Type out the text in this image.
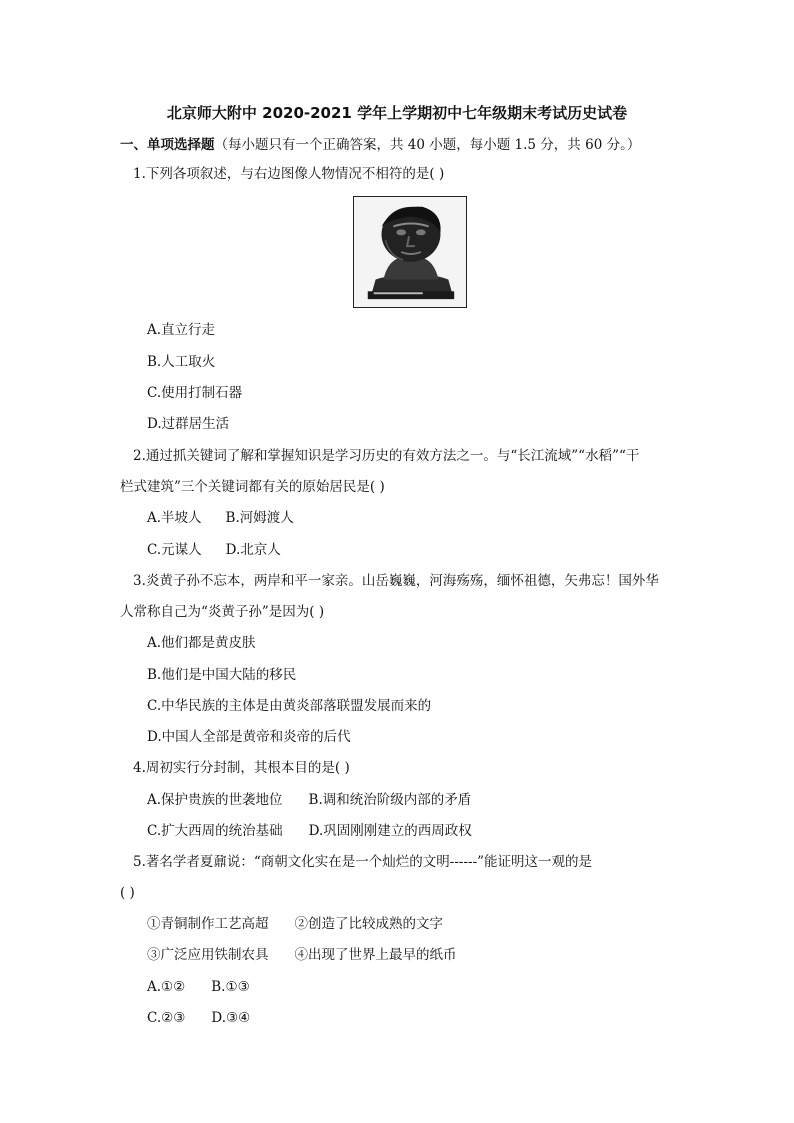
北京师大附中 2020-2021 学年上学期初中七年级期末考试历史试卷
一、单项选择题（每小题只有一个正确答案，共 40 小题，每小题 1.5 分，共 60 分。）
1.下列各项叙述，与右边图像人物情况不相符的是( )
A.直立行走
B.人工取火
C.使用打制石器
D.过群居生活
2.通过抓关键词了解和掌握知识是学习历史的有效方法之一。与“长江流域”“水稻”“干
栏式建筑”三个关键词都有关的原始居民是( )
A.半坡人 B.河姆渡人
C.元谋人 D.北京人
3.炎黄子孙不忘本，两岸和平一家亲。山岳巍巍，河海殇殇，缅怀祖德，矢弗忘！国外华
人常称自己为“炎黄子孙”是因为( )
A.他们都是黄皮肤
B.他们是中国大陆的移民
C.中华民族的主体是由黄炎部落联盟发展而来的
D.中国人全部是黄帝和炎帝的后代
4.周初实行分封制，其根本目的是( )
A.保护贵族的世袭地位 B.调和统治阶级内部的矛盾
C.扩大西周的统治基础 D.巩固刚刚建立的西周政权
5.著名学者夏鼐说：“商朝文化实在是一个灿烂的文明------”能证明这一观的是
( )
①青铜制作工艺高超 ②创造了比较成熟的文字
③广泛应用铁制农具 ④出现了世界上最早的纸币
A.①② B.①③
C.②③ D.③④
